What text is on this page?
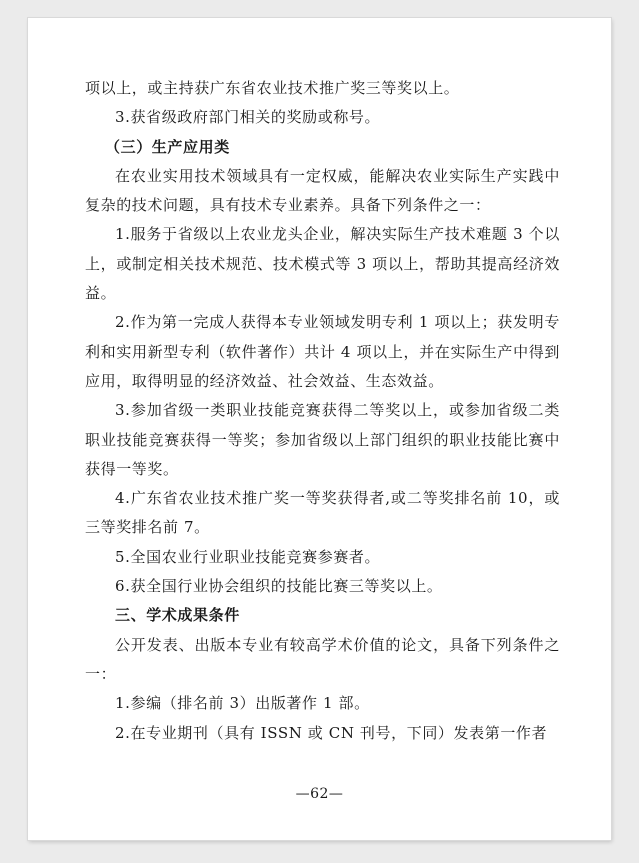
项以上，或主持获广东省农业技术推广奖三等奖以上。

3.获省级政府部门相关的奖励或称号。

（三）生产应用类

在农业实用技术领域具有一定权威，能解决农业实际生产实践中复杂的技术问题，具有技术专业素养。具备下列条件之一：

1.服务于省级以上农业龙头企业，解决实际生产技术难题 3 个以上，或制定相关技术规范、技术模式等 3 项以上，帮助其提高经济效益。

2.作为第一完成人获得本专业领域发明专利 1 项以上；获发明专利和实用新型专利（软件著作）共计 4 项以上，并在实际生产中得到应用，取得明显的经济效益、社会效益、生态效益。

3.参加省级一类职业技能竞赛获得二等奖以上，或参加省级二类职业技能竞赛获得一等奖；参加省级以上部门组织的职业技能比赛中获得一等奖。

4.广东省农业技术推广奖一等奖获得者,或二等奖排名前 10，或三等奖排名前 7。

5.全国农业行业职业技能竞赛参赛者。

6.获全国行业协会组织的技能比赛三等奖以上。

三、学术成果条件

公开发表、出版本专业有较高学术价值的论文，具备下列条件之一：

1.参编（排名前 3）出版著作 1 部。

2.在专业期刊（具有 ISSN 或 CN 刊号，下同）发表第一作者

—62—
